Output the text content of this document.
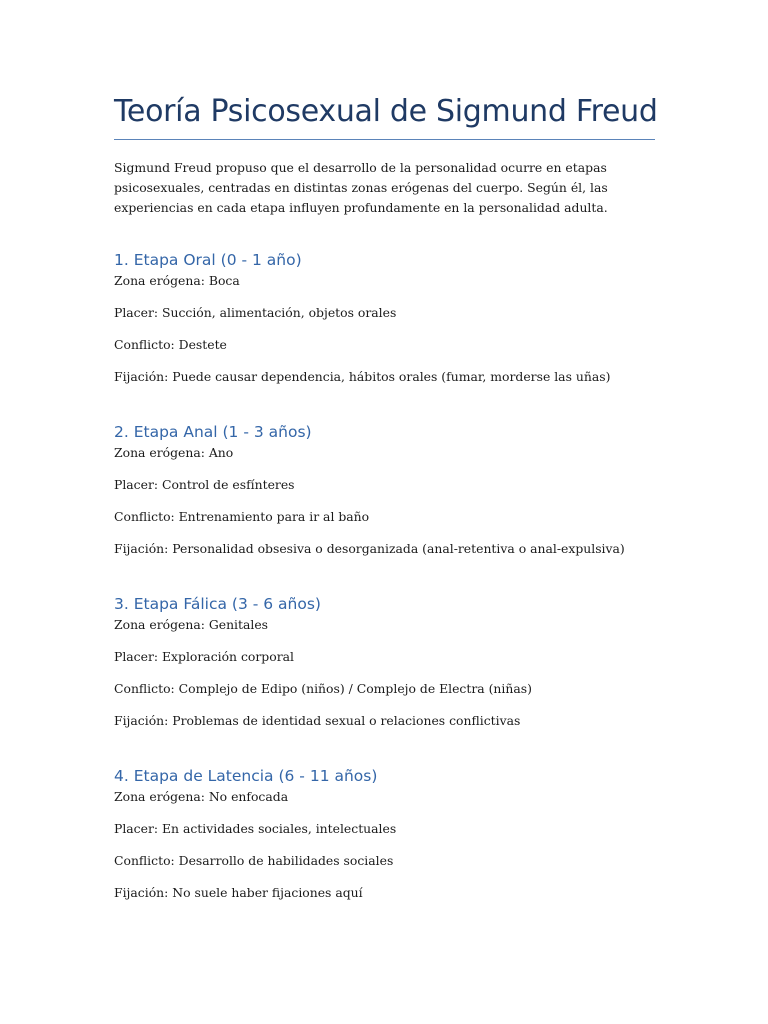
Teoría Psicosexual de Sigmund Freud

Sigmund Freud propuso que el desarrollo de la personalidad ocurre en etapas psicosexuales, centradas en distintas zonas erógenas del cuerpo. Según él, las experiencias en cada etapa influyen profundamente en la personalidad adulta.

1. Etapa Oral (0 - 1 año)

Zona erógena: Boca

Placer: Succión, alimentación, objetos orales

Conflicto: Destete

Fijación: Puede causar dependencia, hábitos orales (fumar, morderse las uñas)

2. Etapa Anal (1 - 3 años)

Zona erógena: Ano

Placer: Control de esfínteres

Conflicto: Entrenamiento para ir al baño

Fijación: Personalidad obsesiva o desorganizada (anal-retentiva o anal-expulsiva)

3. Etapa Fálica (3 - 6 años)

Zona erógena: Genitales

Placer: Exploración corporal

Conflicto: Complejo de Edipo (niños) / Complejo de Electra (niñas)

Fijación: Problemas de identidad sexual o relaciones conflictivas

4. Etapa de Latencia (6 - 11 años)

Zona erógena: No enfocada

Placer: En actividades sociales, intelectuales

Conflicto: Desarrollo de habilidades sociales

Fijación: No suele haber fijaciones aquí
